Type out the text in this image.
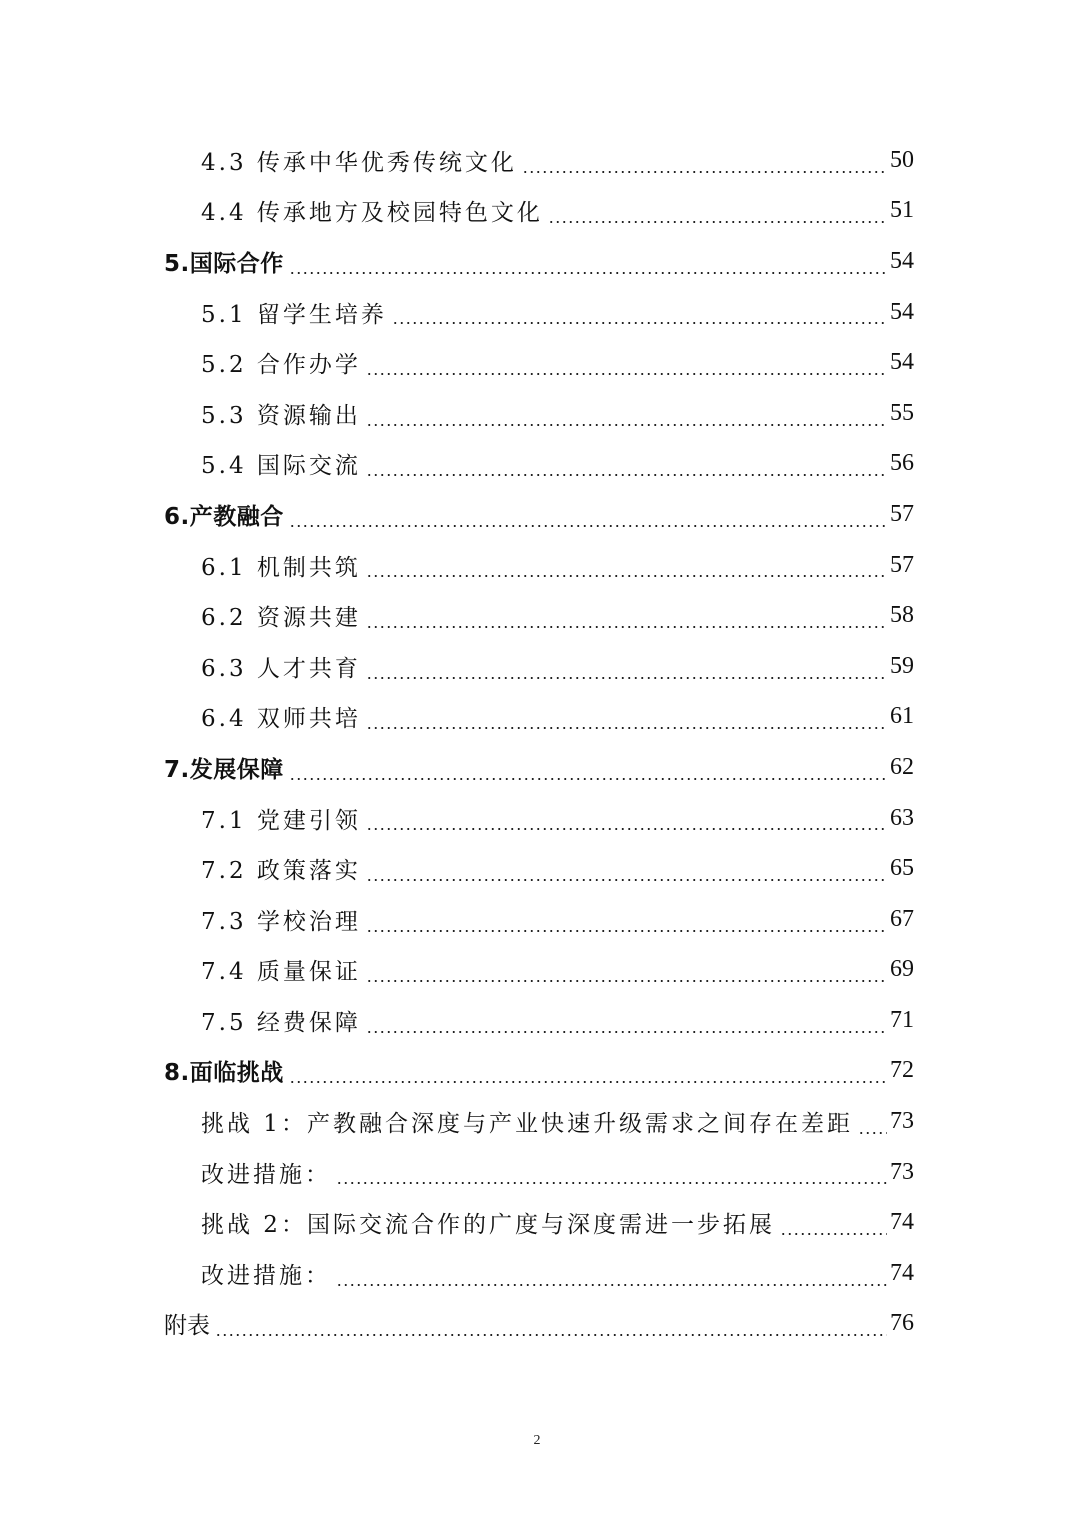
4.3 传承中华优秀传统文化	50
4.4 传承地方及校园特色文化	51
5.国际合作	54
5.1 留学生培养	54
5.2 合作办学	54
5.3 资源输出	55
5.4 国际交流	56
6.产教融合	57
6.1 机制共筑	57
6.2 资源共建	58
6.3 人才共育	59
6.4 双师共培	61
7.发展保障	62
7.1 党建引领	63
7.2 政策落实	65
7.3 学校治理	67
7.4 质量保证	69
7.5 经费保障	71
8.面临挑战	72
挑战 1：产教融合深度与产业快速升级需求之间存在差距 73
改进措施：	73
挑战 2：国际交流合作的广度与深度需进一步拓展	74
改进措施：	74
附表	76
2
